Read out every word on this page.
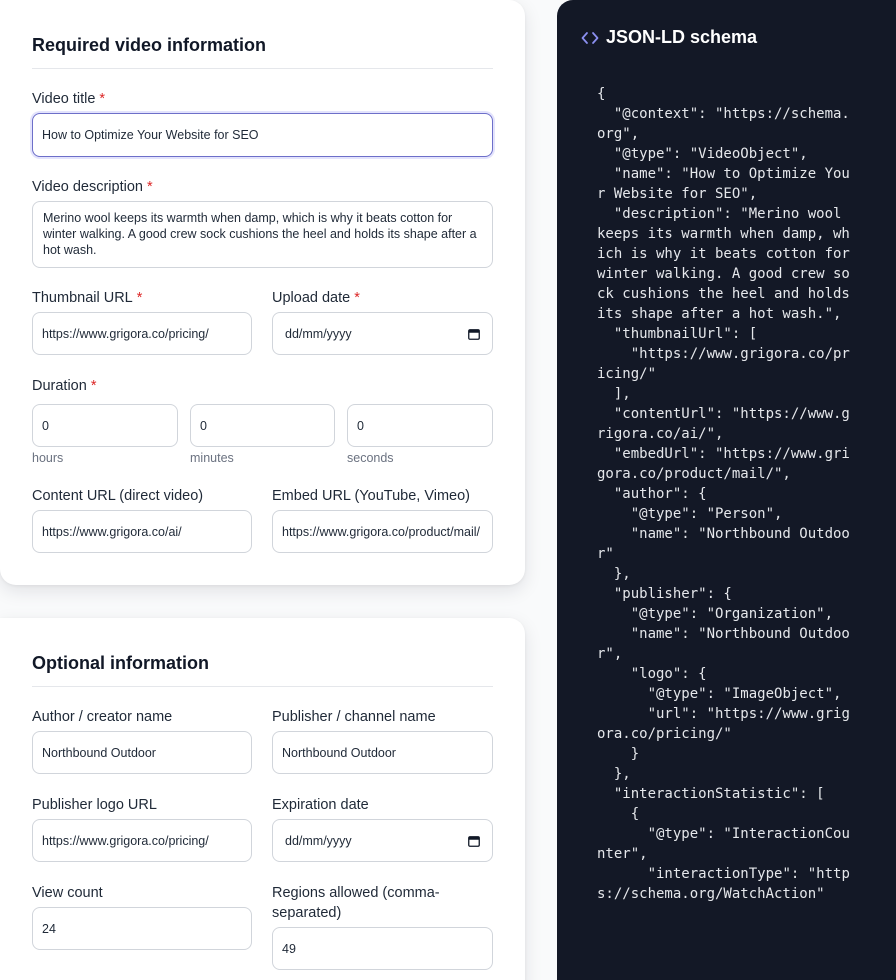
Required video information
Video title *
How to Optimize Your Website for SEO
Video description *
Merino wool keeps its warmth when damp, which is why it beats cotton for winter walking. A good crew sock cushions the heel and holds its shape after a hot wash.
Thumbnail URL *
https://www.grigora.co/pricing/
Upload date *
dd/mm/yyyy
Duration *
0
hours
0
minutes
0
seconds
Content URL (direct video)
https://www.grigora.co/ai/
Embed URL (YouTube, Vimeo)
https://www.grigora.co/product/mail/
Optional information
Author / creator name
Northbound Outdoor
Publisher / channel name
Northbound Outdoor
Publisher logo URL
https://www.grigora.co/pricing/
Expiration date
dd/mm/yyyy
View count
24
Regions allowed (comma-separated)
49
JSON-LD schema
{
"@context": "https://schema.org",
"@type": "VideoObject",
"name": "How to Optimize Your Website for SEO",
"description": "Merino wool keeps its warmth when damp, which is why it beats cotton for winter walking. A good crew sock cushions the heel and holds its shape after a hot wash.",
"thumbnailUrl": [
"https://www.grigora.co/pricing/"
],
"contentUrl": "https://www.grigora.co/ai/",
"embedUrl": "https://www.grigora.co/product/mail/",
"author": {
"@type": "Person",
"name": "Northbound Outdoor"
},
"publisher": {
"@type": "Organization",
"name": "Northbound Outdoor",
"logo": {
"@type": "ImageObject",
"url": "https://www.grigora.co/pricing/"
}
},
"interactionStatistic": [
{
"@type": "InteractionCounter",
"interactionType": "https://schema.org/WatchAction"
